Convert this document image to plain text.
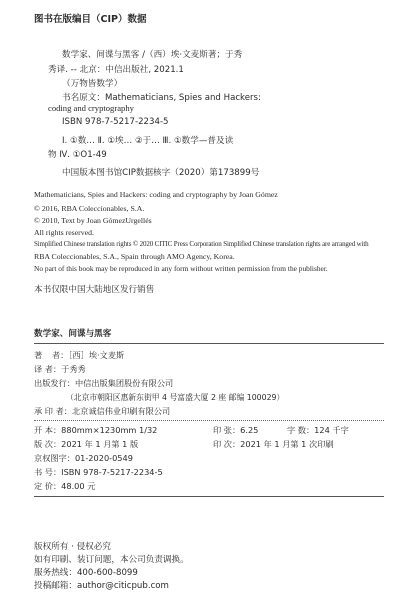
图书在版编目（CIP）数据
数学家、间谍与黑客 /（西）埃·文麦斯著；于秀
秀译. -- 北京：中信出版社, 2021.1
（万物皆数学）
书名原文：Mathematicians, Spies and Hackers:
coding and cryptography
ISBN 978-7-5217-2234-5
Ⅰ. ①数… Ⅱ. ①埃… ②于… Ⅲ. ①数学—普及读
物 Ⅳ. ①O1-49
中国版本图书馆CIP数据核字（2020）第173899号
Mathematicians, Spies and Hackers: coding and cryptography by Joan Gómez
© 2016, RBA Coleccionables, S.A.
© 2010, Text by Joan GómezUrgellés
All rights reserved.
Simplified Chinese translation rights © 2020 CITIC Press Corporation Simplified Chinese translation rights are arranged with
RBA Coleccionables, S.A., Spain through AMO Agency, Korea.
No part of this book may be reproduced in any form without written permission from the publisher.
本书仅限中国大陆地区发行销售
数学家、间谍与黑客
著 者：［西］埃·文麦斯
译 者：于秀秀
出版发行：中信出版集团股份有限公司
（北京市朝阳区惠新东街甲 4 号富盛大厦 2 座 邮编 100029）
承 印 者：北京诚信伟业印刷有限公司
开 本：880mm×1230mm 1/32	印 张：6.25	字 数：124 千字
版 次：2021 年 1 月第 1 版	印 次：2021 年 1 月第 1 次印刷
京权图字：01-2020-0549
书 号：ISBN 978-7-5217-2234-5
定 价：48.00 元
版权所有 · 侵权必究
如有印刷、装订问题，本公司负责调换。
服务热线：400-600-8099
投稿邮箱：author@citicpub.com
